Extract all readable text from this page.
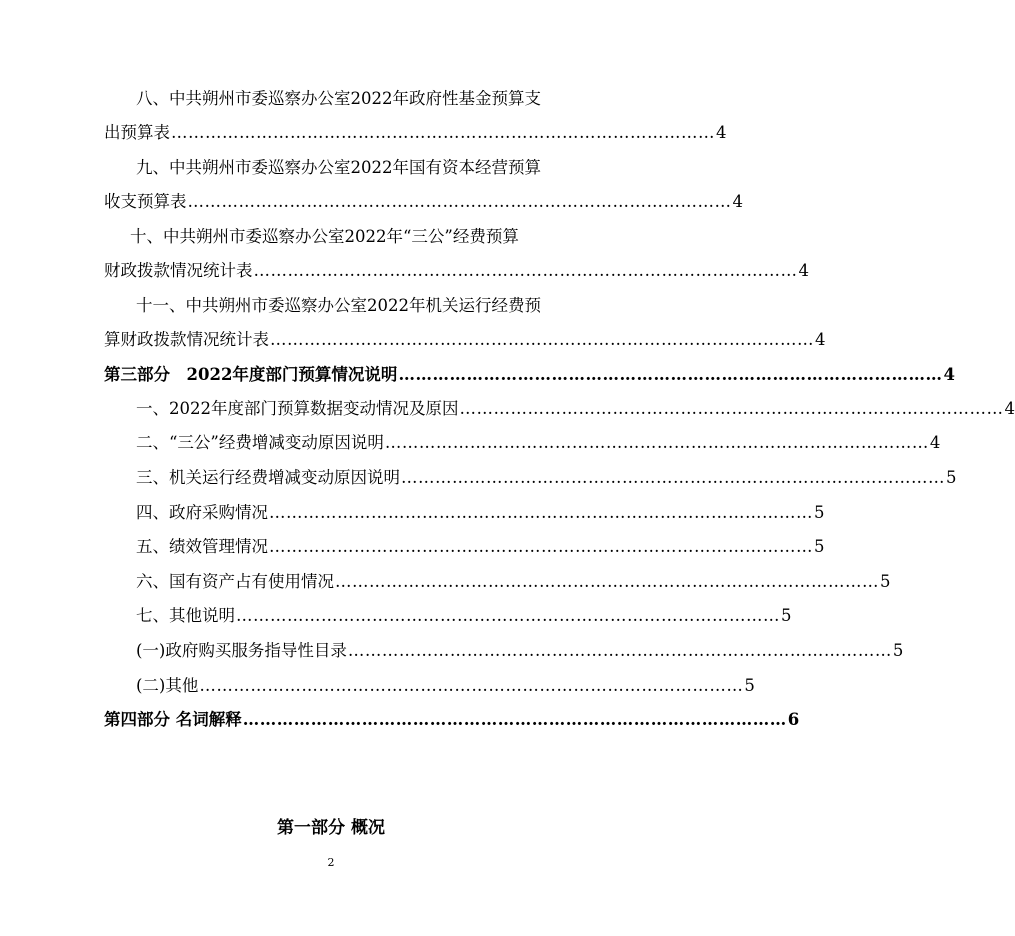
八、中共朔州市委巡察办公室2022年政府性基金预算支
出预算表 …………………………………………………………………………………… 4
九、中共朔州市委巡察办公室2022年国有资本经营预算
收支预算表 …………………………………………………………………………………… 4
十、中共朔州市委巡察办公室2022年“三公”经费预算
财政拨款情况统计表 …………………………………………………………………………………… 4
十一、中共朔州市委巡察办公室2022年机关运行经费预
算财政拨款情况统计表 …………………………………………………………………………………… 4
第三部分　2022年度部门预算情况说明 …………………………………………………………………………………… 4
一、2022年度部门预算数据变动情况及原因 …………………………………………………………………………………… 4
二、“三公”经费增减变动原因说明 …………………………………………………………………………………… 4
三、机关运行经费增减变动原因说明 …………………………………………………………………………………… 5
四、政府采购情况 …………………………………………………………………………………… 5
五、绩效管理情况 …………………………………………………………………………………… 5
六、国有资产占有使用情况 …………………………………………………………………………………… 5
七、其他说明 …………………………………………………………………………………… 5
(一)政府购买服务指导性目录 …………………………………………………………………………………… 5
(二)其他 …………………………………………………………………………………… 5
第四部分 名词解释 …………………………………………………………………………………… 6
第一部分 概况
2
